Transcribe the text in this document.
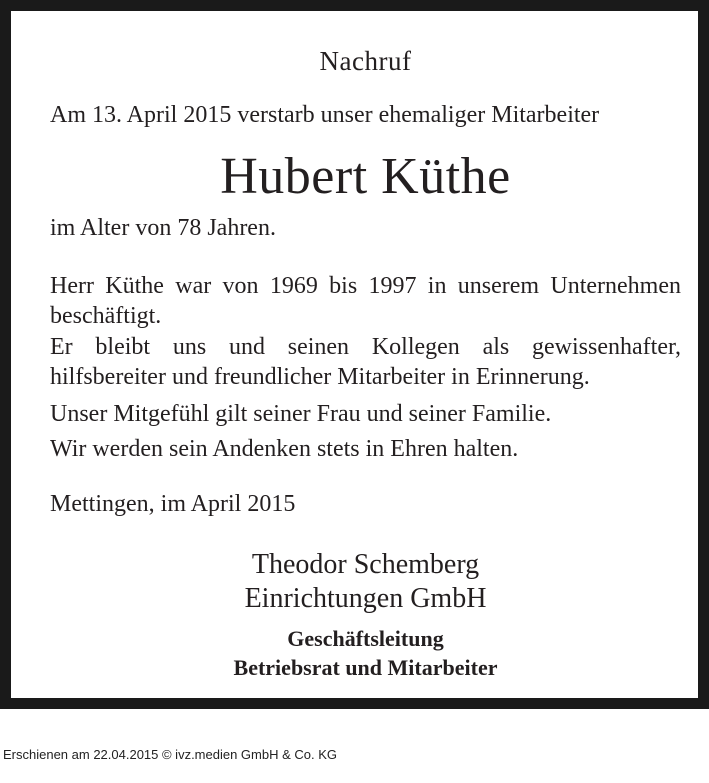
Nachruf
Am 13. April 2015 verstarb unser ehemaliger Mitarbeiter
Hubert Küthe
im Alter von 78 Jahren.
Herr Küthe war von 1969 bis 1997 in unserem Unternehmen beschäftigt.
Er bleibt uns und seinen Kollegen als gewissenhafter, hilfsbereiter und freundlicher Mitarbeiter in Erinnerung.
Unser Mitgefühl gilt seiner Frau und seiner Familie.
Wir werden sein Andenken stets in Ehren halten.
Mettingen, im April 2015
Theodor Schemberg
Einrichtungen GmbH
Geschäftsleitung
Betriebsrat und Mitarbeiter
Erschienen am 22.04.2015 © ivz.medien GmbH & Co. KG
